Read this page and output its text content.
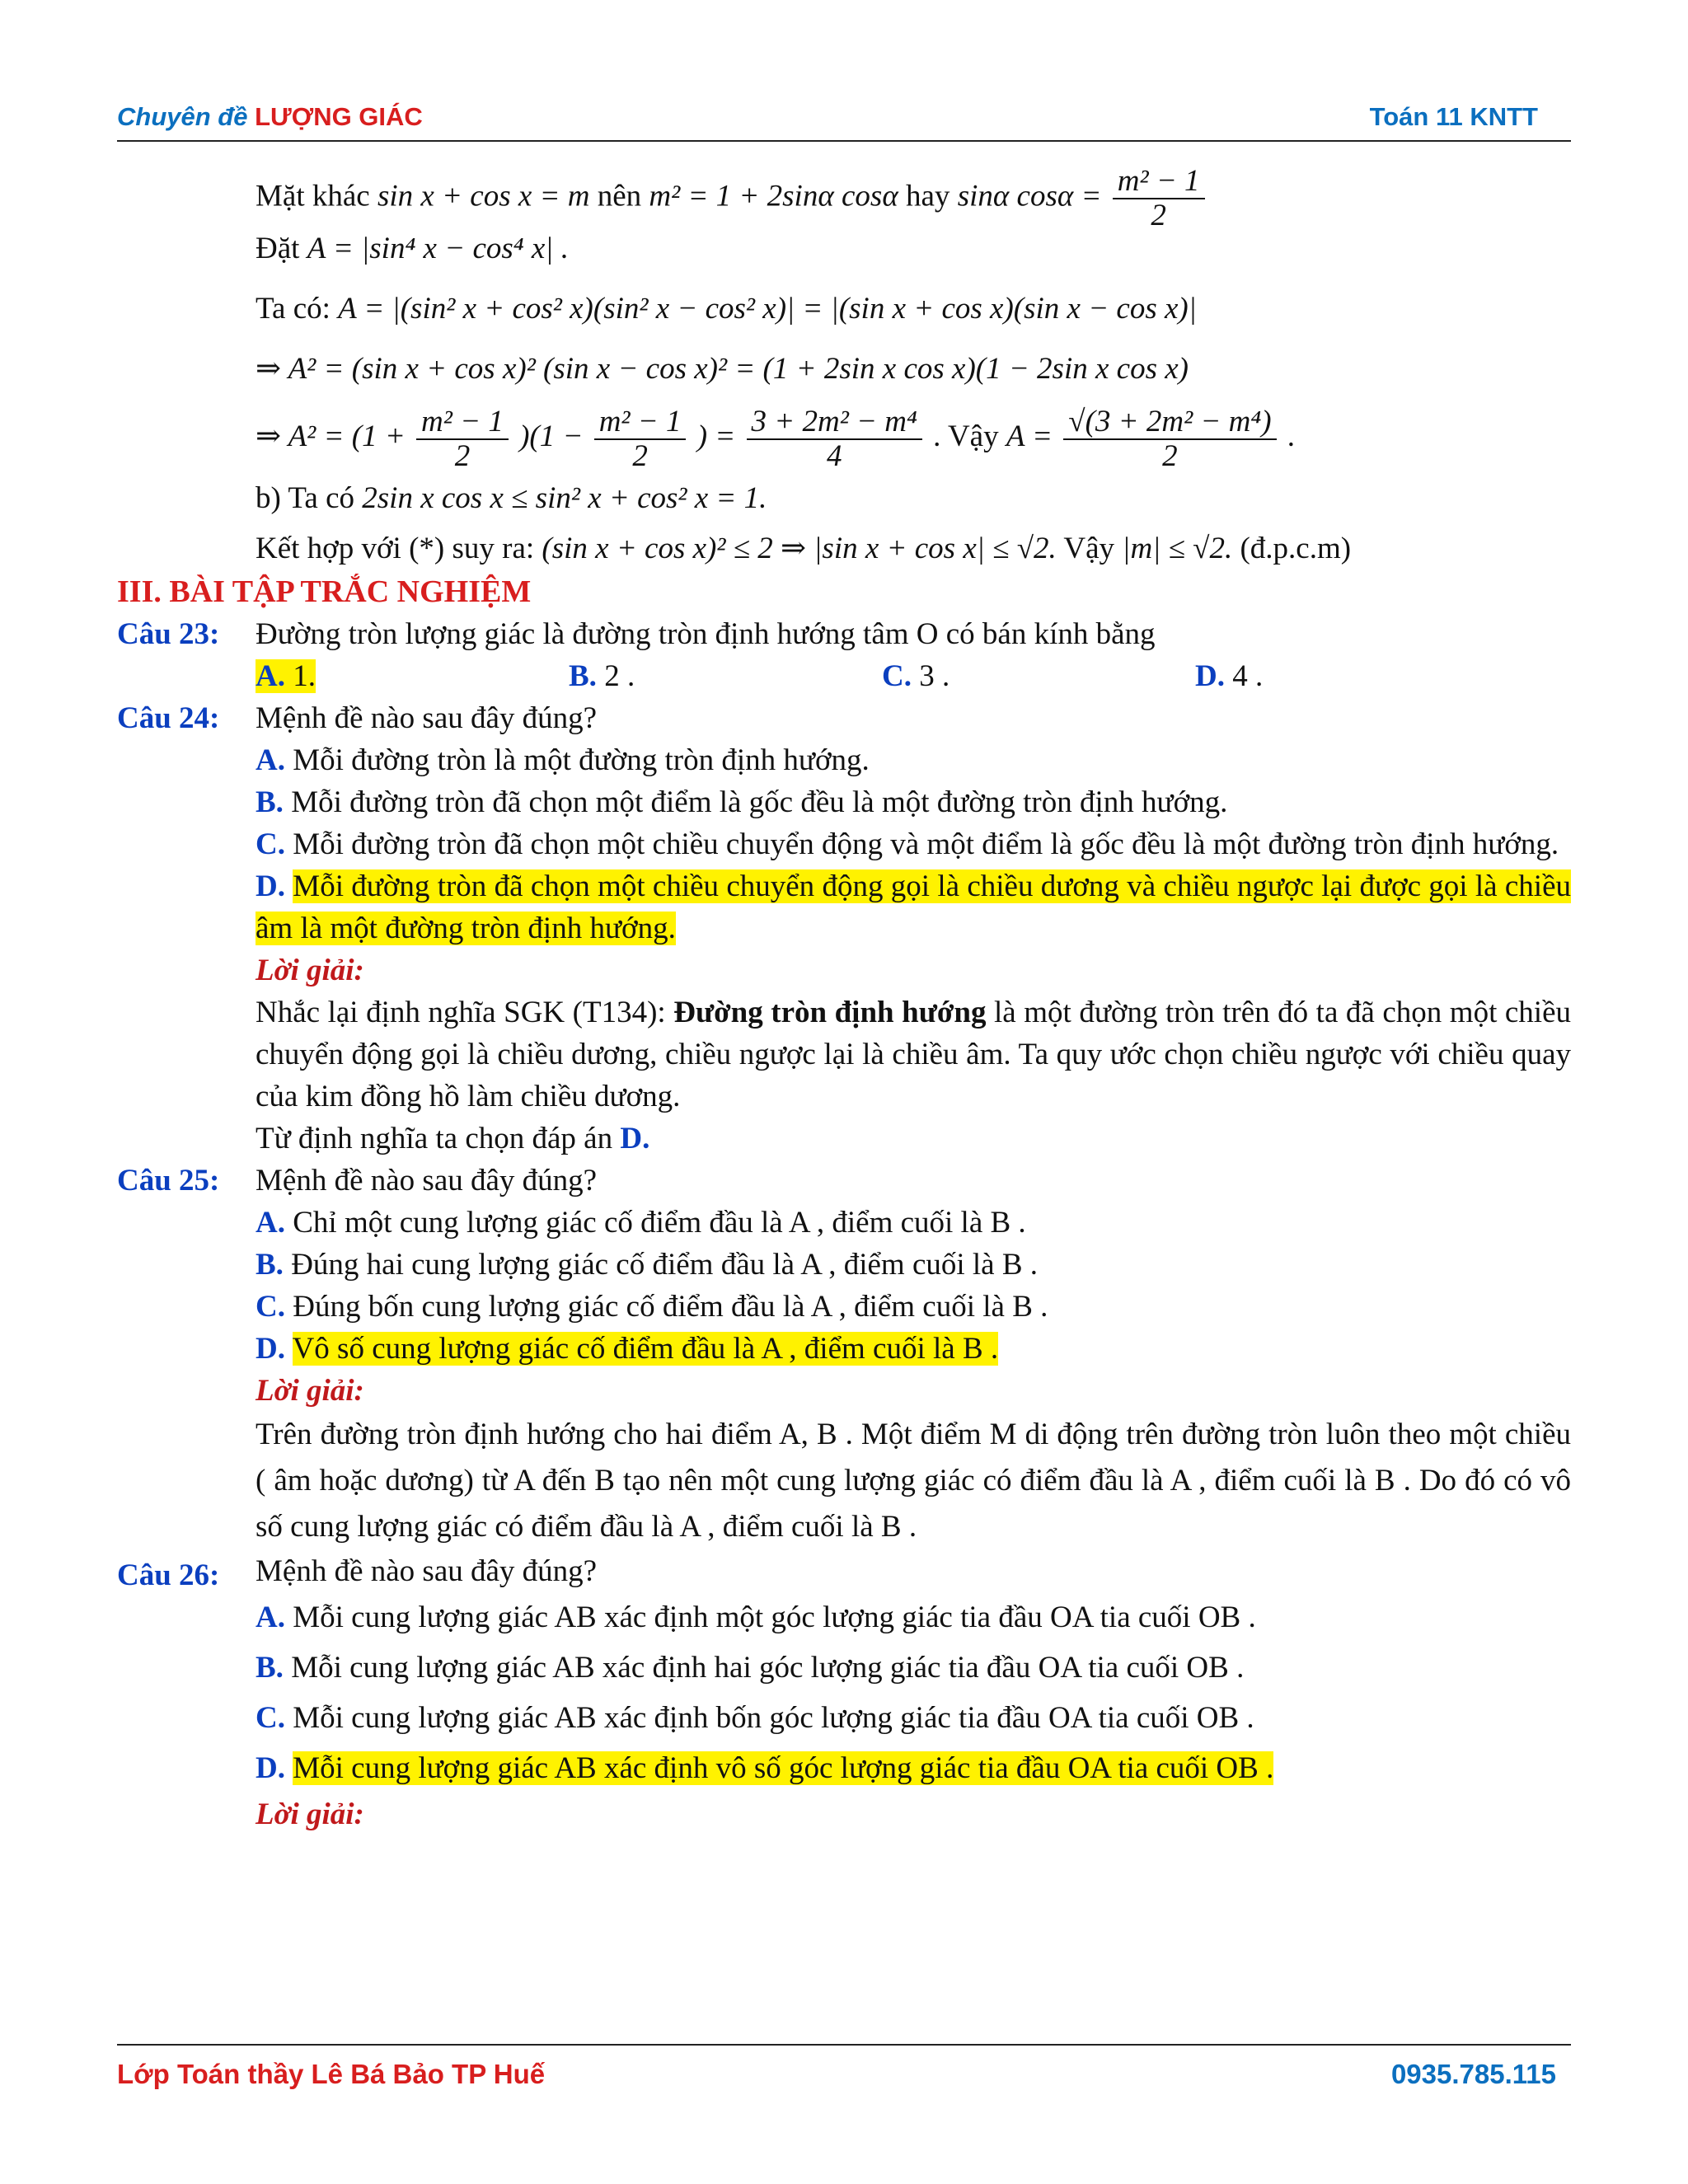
Chuyên đề LƯỢNG GIÁC	Toán 11 KNTT
Mặt khác sin x + cos x = m nên m² = 1 + 2sinα cosα hay sinα $\cos\alpha = \frac{\text{m² − 1}}{2}$
Đặt A = |sin⁴ x − cos⁴ x| .
Ta có: A = |(sin² x + cos² x)(sin² x − cos² x)| = |(sin x + cos x)(sin x − cos x)|
⇒ A² = (sin x + cos x)² (sin x − cos x)² = (1 + 2sin x cos x)(1 − 2sin x cos x)
⇒ $A^2 = (1 + \frac{\text{m² − 1}}{2} )(1 - \frac{\text{m² − 1}}{2}$ ) = $\frac{\text{3 + 2m² − m⁴}}{4}$ . Vậy $A = \frac{\text{√(3 + 2m² − m⁴)}}{2}$ .
b) Ta có 2sin x cos x ≤ sin² x + cos² x = 1.
Kết hợp với (*) suy ra: (sin x + cos x)² ≤ 2 ⇒ |sin x + cos x| ≤ √2. Vậy |m| ≤ √2. (đ.p.c.m)
III. BÀI TẬP TRẮC NGHIỆM
Câu 23: Đường tròn lượng giác là đường tròn định hướng tâm O có bán kính bằng
A. 1.	B. 2 .	C. 3 .	D. 4 .
Câu 24: Mệnh đề nào sau đây đúng?
A. Mỗi đường tròn là một đường tròn định hướng.
B. Mỗi đường tròn đã chọn một điểm là gốc đều là một đường tròn định hướng.
C. Mỗi đường tròn đã chọn một chiều chuyển động và một điểm là gốc đều là một đường tròn định hướng.
D. Mỗi đường tròn đã chọn một chiều chuyển động gọi là chiều dương và chiều ngược lại được gọi là chiều âm là một đường tròn định hướng.
Lời giải:
Nhắc lại định nghĩa SGK (T134): Đường tròn định hướng là một đường tròn trên đó ta đã chọn một chiều chuyển động gọi là chiều dương, chiều ngược lại là chiều âm. Ta quy ước chọn chiều ngược với chiều quay của kim đồng hồ làm chiều dương.
Từ định nghĩa ta chọn đáp án D.
Câu 25: Mệnh đề nào sau đây đúng?
A. Chỉ một cung lượng giác cố điểm đầu là A , điểm cuối là B .
B. Đúng hai cung lượng giác cố điểm đầu là A , điểm cuối là B .
C. Đúng bốn cung lượng giác cố điểm đầu là A , điểm cuối là B .
D. Vô số cung lượng giác cố điểm đầu là A , điểm cuối là B .
Lời giải:
Trên đường tròn định hướng cho hai điểm A, B . Một điểm M di động trên đường tròn luôn theo một chiều ( âm hoặc dương) từ A đến B tạo nên một cung lượng giác có điểm đầu là A , điểm cuối là B . Do đó có vô số cung lượng giác có điểm đầu là A , điểm cuối là B .
Câu 26: Mệnh đề nào sau đây đúng?
A. Mỗi cung lượng giác AB xác định một góc lượng giác tia đầu OA tia cuối OB .
B. Mỗi cung lượng giác AB xác định hai góc lượng giác tia đầu OA tia cuối OB .
C. Mỗi cung lượng giác AB xác định bốn góc lượng giác tia đầu OA tia cuối OB .
D. Mỗi cung lượng giác AB xác định vô số góc lượng giác tia đầu OA tia cuối OB .
Lời giải:
Lớp Toán thầy Lê Bá Bảo TP Huế	0935.785.115
